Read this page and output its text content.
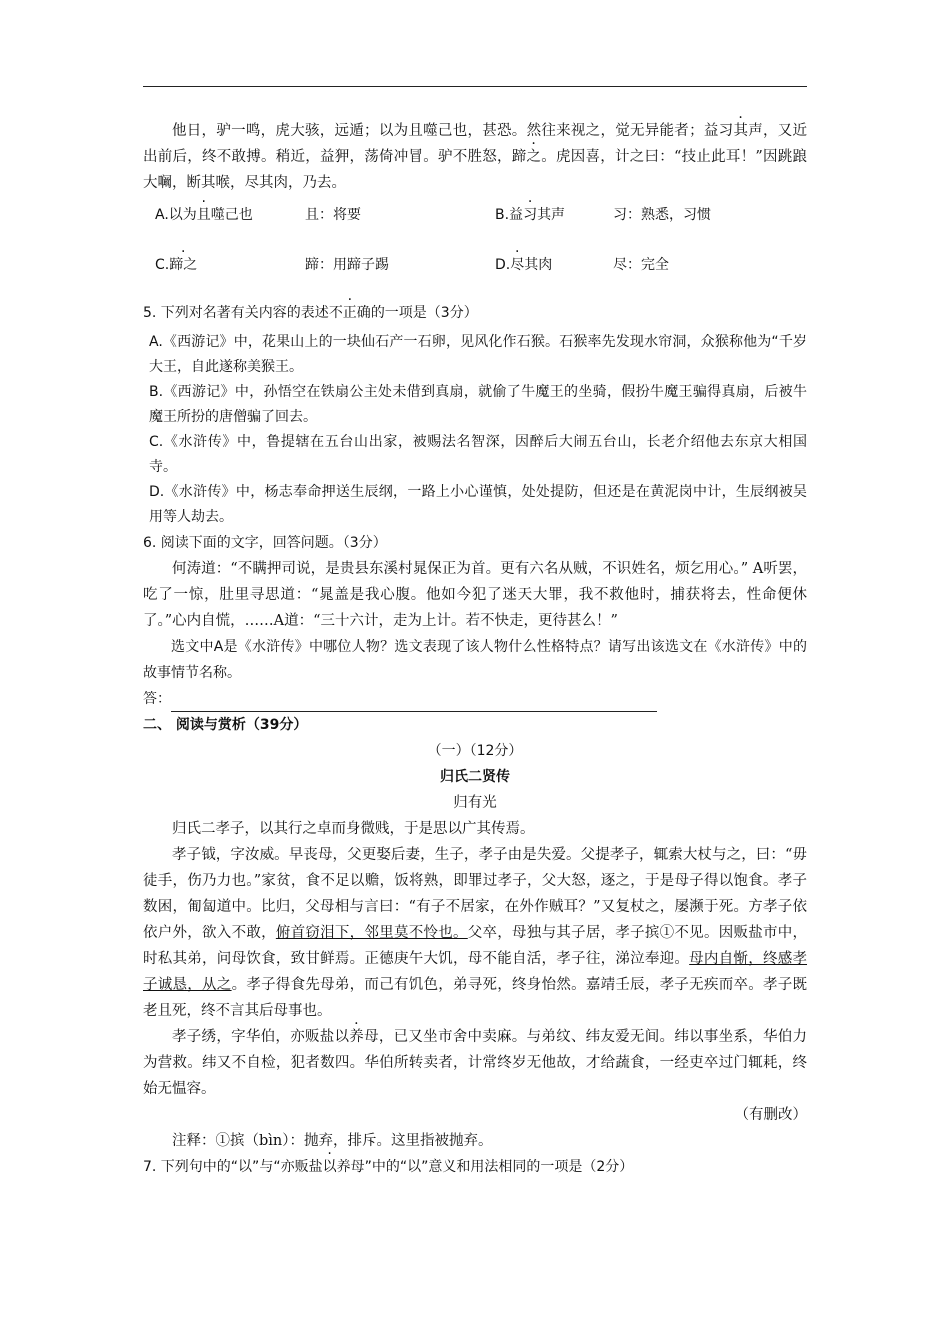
他日，驴一鸣，虎大骇，远遁；以为且噬己也，甚恐。然往来视之，觉无异能者；益习其声，又近出前后，终不敢搏。稍近，益狎，荡倚冲冒。驴不胜怒，蹄之。虎因喜，计之曰：“技止此耳！”因跳踉大㘎，断其喉，尽其肉，乃去。

A.以为且噬己也	且：将要	B.益习其声	习：熟悉，习惯
C.蹄之	蹄：用蹄子踢	D.尽其肉	尽：完全

5. 下列对名著有关内容的表述不正确的一项是（3分）

A.《西游记》中，花果山上的一块仙石产一石卵，见风化作石猴。石猴率先发现水帘洞，众猴称他为“千岁大王，自此遂称美猴王。

B.《西游记》中，孙悟空在铁扇公主处未借到真扇，就偷了牛魔王的坐骑，假扮牛魔王骗得真扇，后被牛魔王所扮的唐僧骗了回去。

C.《水浒传》中，鲁提辖在五台山出家，被赐法名智深，因醉后大闹五台山，长老介绍他去东京大相国寺。

D.《水浒传》中，杨志奉命押送生辰纲，一路上小心谨慎，处处提防，但还是在黄泥岗中计，生辰纲被吴用等人劫去。

6. 阅读下面的文字，回答问题。（3分）

何涛道：“不瞒押司说，是贵县东溪村晁保正为首。更有六名从贼，不识姓名，烦乞用心。” A听罢，吃了一惊，肚里寻思道：“晁盖是我心腹。他如今犯了迷天大罪，我不救他时，捕获将去，性命便休了。”心内自慌，……A道：“三十六计，走为上计。若不快走，更待甚么！”

选文中A是《水浒传》中哪位人物？选文表现了该人物什么性格特点？请写出该选文在《水浒传》中的故事情节名称。

答：

二、 阅读与赏析（39分）

（一）（12分）

归氏二贤传

归有光

归氏二孝子，以其行之卓而身微贱，于是思以广其传焉。

孝子钺，字汝威。早丧母，父更娶后妻，生子，孝子由是失爱。父提孝子，辄索大杖与之，曰：“毋徒手，伤乃力也。”家贫，食不足以赡，饭将熟，即罪过孝子，父大怒，逐之，于是母子得以饱食。孝子数困，匍匐道中。比归，父母相与言曰：“有子不居家，在外作贼耳？”又复杖之，屡濒于死。方孝子依依户外，欲入不敢，俯首窃泪下，邻里莫不怜也。父卒，母独与其子居，孝子摈①不见。因贩盐市中，时私其弟，问母饮食，致甘鲜焉。正德庚午大饥，母不能自活，孝子往，涕泣奉迎。母内自惭，终感孝子诚恳，从之。孝子得食先母弟，而己有饥色，弟寻死，终身怡然。嘉靖壬辰，孝子无疾而卒。孝子既老且死，终不言其后母事也。

孝子绣，字华伯，亦贩盐以养母，已又坐市舍中卖麻。与弟纹、纬友爱无间。纬以事坐系，华伯力为营救。纬又不自检，犯者数四。华伯所转卖者，计常终岁无他故，才给蔬食，一经吏卒过门辄耗，终始无愠容。

（有删改）

注释：①摈（bìn）：抛弃，排斥。这里指被抛弃。

7. 下列句中的“以”与“亦贩盐以养母”中的“以”意义和用法相同的一项是（2分）
